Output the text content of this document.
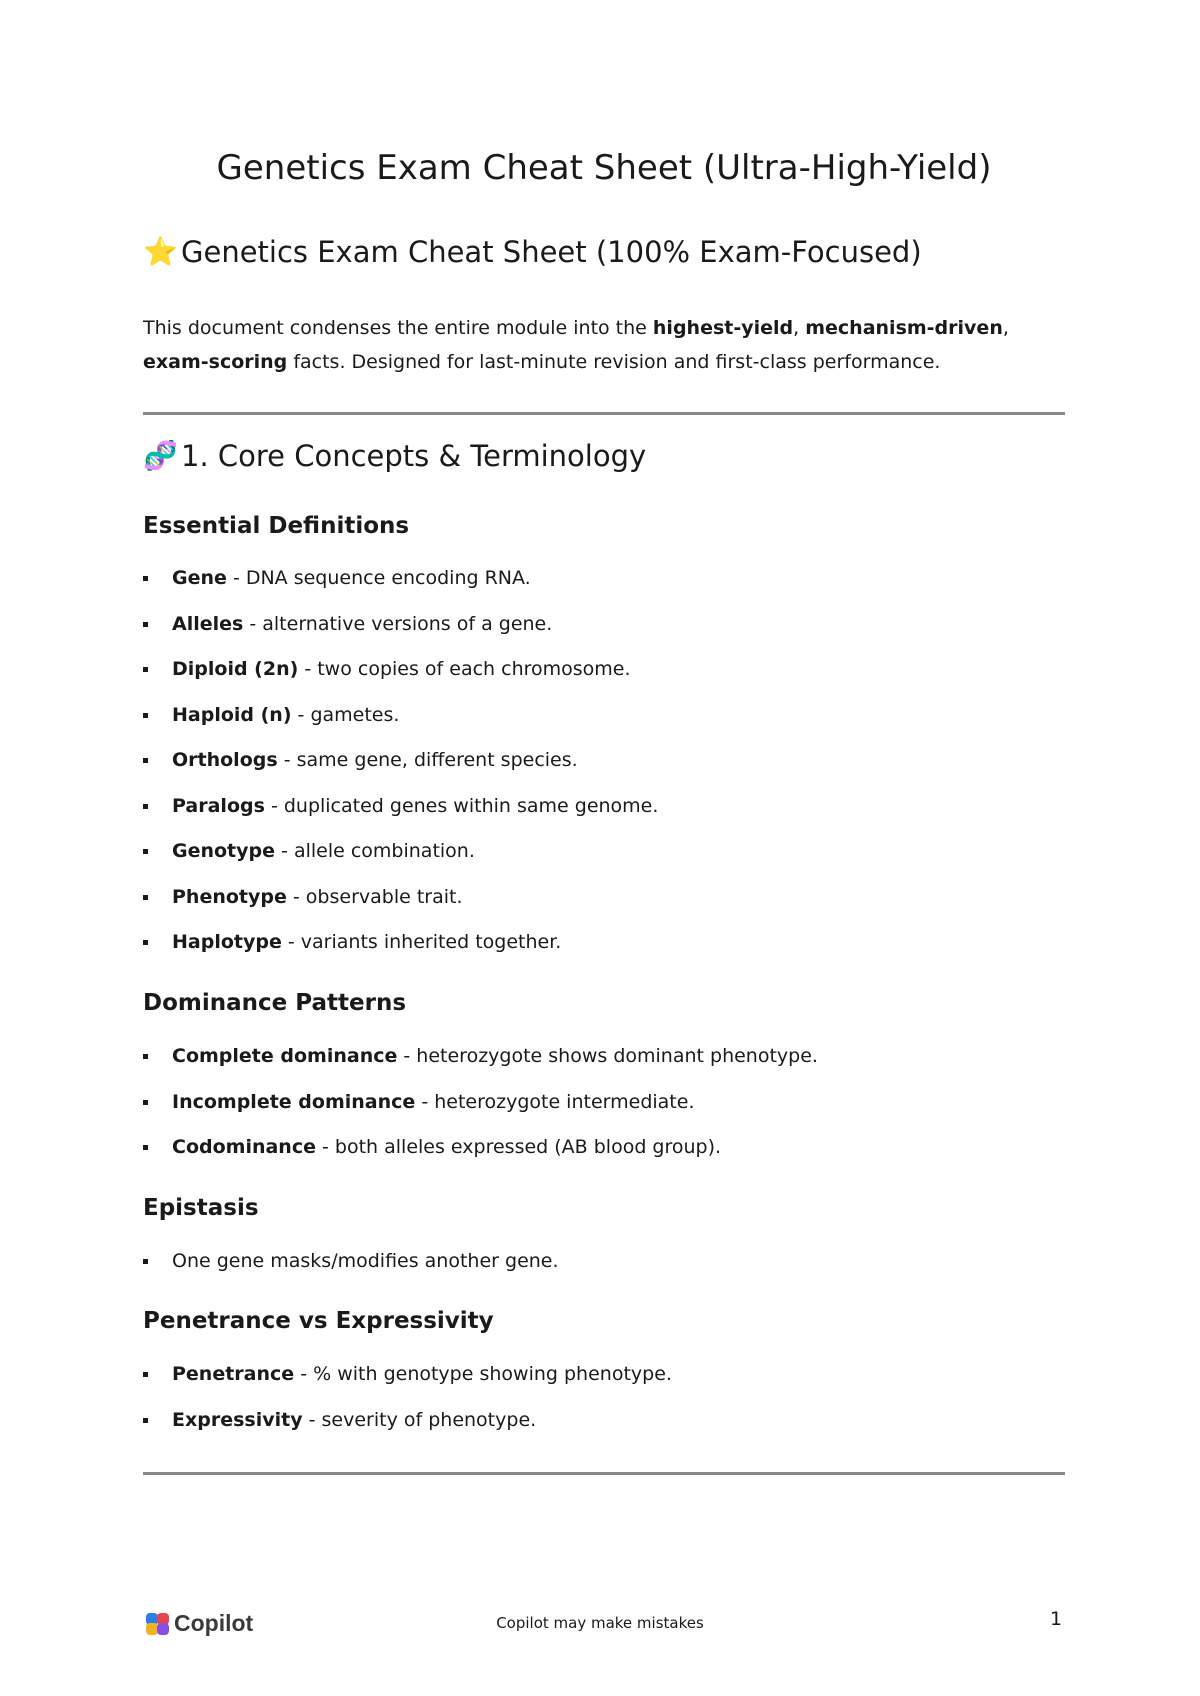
Genetics Exam Cheat Sheet (Ultra-High-Yield)
⭐ Genetics Exam Cheat Sheet (100% Exam-Focused)

This document condenses the entire module into the highest-yield, mechanism-driven, exam-scoring facts. Designed for last-minute revision and first-class performance.

🧬 1. Core Concepts & Terminology
Essential Definitions
Gene - DNA sequence encoding RNA.
Alleles - alternative versions of a gene.
Diploid (2n) - two copies of each chromosome.
Haploid (n) - gametes.
Orthologs - same gene, different species.
Paralogs - duplicated genes within same genome.
Genotype - allele combination.
Phenotype - observable trait.
Haplotype - variants inherited together.
Dominance Patterns
Complete dominance - heterozygote shows dominant phenotype.
Incomplete dominance - heterozygote intermediate.
Codominance - both alleles expressed (AB blood group).
Epistasis
One gene masks/modifies another gene.
Penetrance vs Expressivity
Penetrance - % with genotype showing phenotype.
Expressivity - severity of phenotype.
Copilot	Copilot may make mistakes	1
